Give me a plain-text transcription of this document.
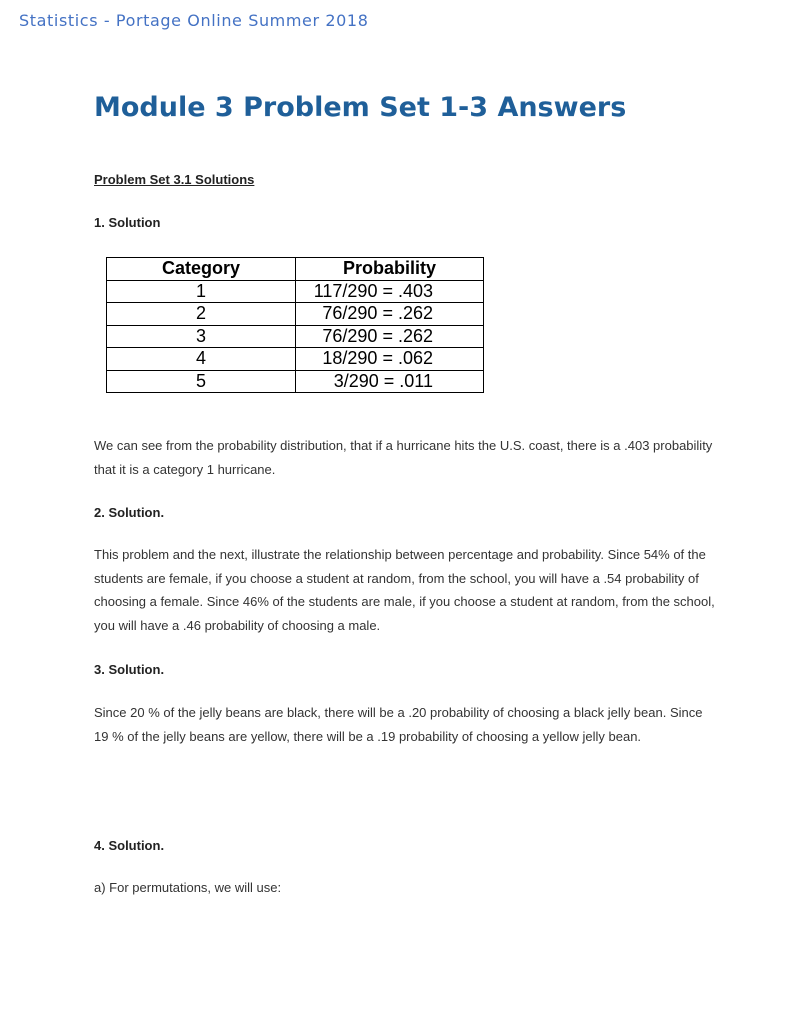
Statistics - Portage Online Summer 2018
Module 3 Problem Set 1-3 Answers
Problem Set 3.1 Solutions
1. Solution
Category	Probability
1	117/290 = .403
2	76/290 = .262
3	76/290 = .262
4	18/290 = .062
5	3/290 = .011

We can see from the probability distribution, that if a hurricane hits the U.S. coast, there is a .403 probability that it is a category 1 hurricane.

2. Solution.

This problem and the next, illustrate the relationship between percentage and probability. Since 54% of the students are female, if you choose a student at random, from the school, you will have a .54 probability of choosing a female. Since 46% of the students are male, if you choose a student at random, from the school, you will have a .46 probability of choosing a male.

3. Solution.

Since 20 % of the jelly beans are black, there will be a .20 probability of choosing a black jelly bean. Since 19 % of the jelly beans are yellow, there will be a .19 probability of choosing a yellow jelly bean.

4. Solution.

a) For permutations, we will use:
